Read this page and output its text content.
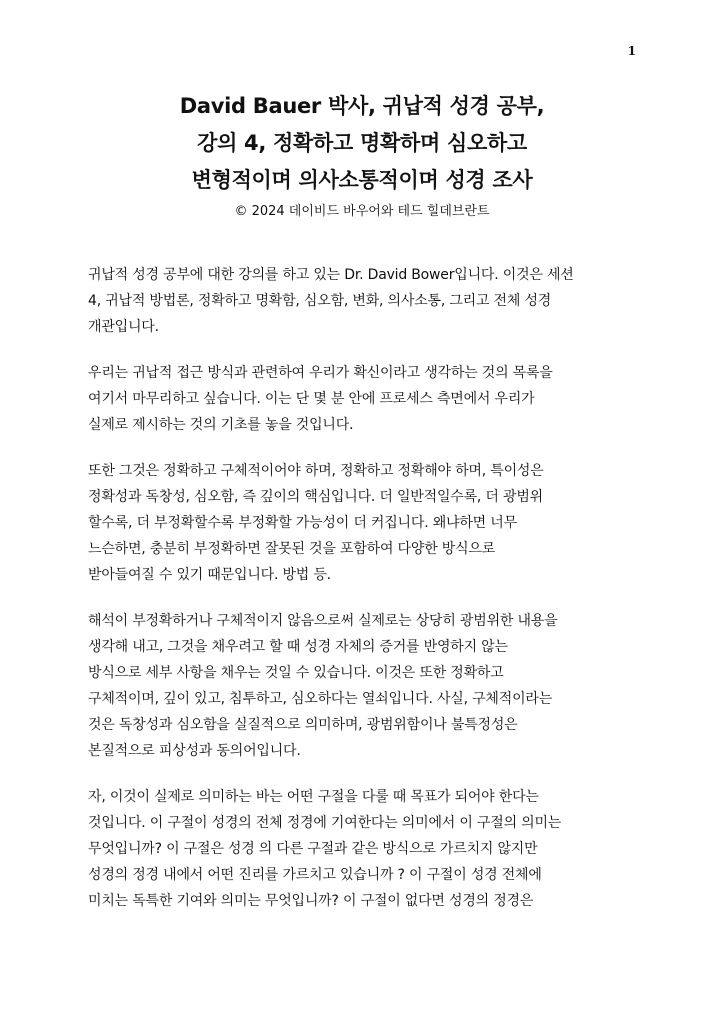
1
David Bauer 박사, 귀납적 성경 공부,
강의 4, 정확하고 명확하며 심오하고
변형적이며 의사소통적이며 성경 조사
© 2024 데이비드 바우어와 테드 힐데브란트
귀납적 성경 공부에 대한 강의를 하고 있는 Dr. David Bower입니다. 이것은 세션
4, 귀납적 방법론, 정확하고 명확함, 심오함, 변화, 의사소통, 그리고 전체 성경
개관입니다.
우리는 귀납적 접근 방식과 관련하여 우리가 확신이라고 생각하는 것의 목록을
여기서 마무리하고 싶습니다. 이는 단 몇 분 안에 프로세스 측면에서 우리가
실제로 제시하는 것의 기초를 놓을 것입니다.
또한 그것은 정확하고 구체적이어야 하며, 정확하고 정확해야 하며, 특이성은
정확성과 독창성, 심오함, 즉 깊이의 핵심입니다. 더 일반적일수록, 더 광범위
할수록, 더 부정확할수록 부정확할 가능성이 더 커집니다. 왜냐하면 너무
느슨하면, 충분히 부정확하면 잘못된 것을 포함하여 다양한 방식으로
받아들여질 수 있기 때문입니다. 방법 등.
해석이 부정확하거나 구체적이지 않음으로써 실제로는 상당히 광범위한 내용을
생각해 내고, 그것을 채우려고 할 때 성경 자체의 증거를 반영하지 않는
방식으로 세부 사항을 채우는 것일 수 있습니다. 이것은 또한 정확하고
구체적이며, 깊이 있고, 침투하고, 심오하다는 열쇠입니다. 사실, 구체적이라는
것은 독창성과 심오함을 실질적으로 의미하며, 광범위함이나 불특정성은
본질적으로 피상성과 동의어입니다.
자, 이것이 실제로 의미하는 바는 어떤 구절을 다룰 때 목표가 되어야 한다는
것입니다. 이 구절이 성경의 전체 정경에 기여한다는 의미에서 이 구절의 의미는
무엇입니까? 이 구절은 성경 의 다른 구절과 같은 방식으로 가르치지 않지만
성경의 정경 내에서 어떤 진리를 가르치고 있습니까 ? 이 구절이 성경 전체에
미치는 독특한 기여와 의미는 무엇입니까? 이 구절이 없다면 성경의 정경은
